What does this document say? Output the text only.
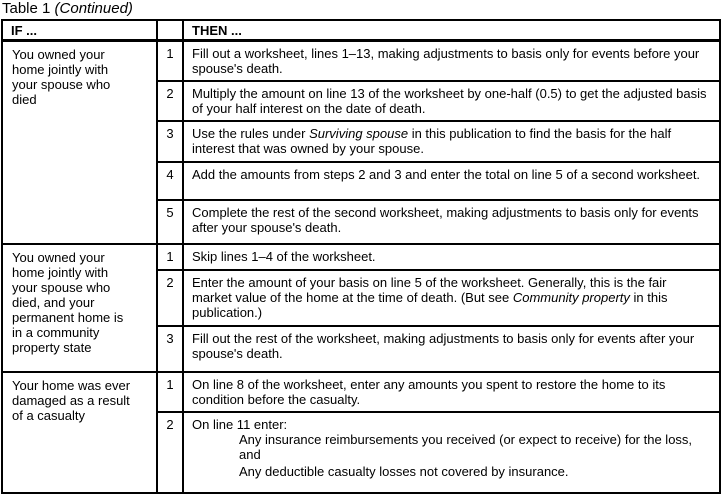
Table 1 (Continued)
IF ...		THEN ...
You owned your home jointly with your spouse who died	1	Fill out a worksheet, lines 1–13, making adjustments to basis only for events before your spouse's death.
	2	Multiply the amount on line 13 of the worksheet by one-half (0.5) to get the adjusted basis of your half interest on the date of death.
	3	Use the rules under Surviving spouse in this publication to find the basis for the half interest that was owned by your spouse.
	4	Add the amounts from steps 2 and 3 and enter the total on line 5 of a second worksheet.
	5	Complete the rest of the second worksheet, making adjustments to basis only for events after your spouse's death.
You owned your home jointly with your spouse who died, and your permanent home is in a community property state	1	Skip lines 1–4 of the worksheet.
	2	Enter the amount of your basis on line 5 of the worksheet. Generally, this is the fair market value of the home at the time of death. (But see Community property in this publication.)
	3	Fill out the rest of the worksheet, making adjustments to basis only for events after your spouse's death.
Your home was ever damaged as a result of a casualty	1	On line 8 of the worksheet, enter any amounts you spent to restore the home to its condition before the casualty.
	2	On line 11 enter:
Any insurance reimbursements you received (or expect to receive) for the loss, and
Any deductible casualty losses not covered by insurance.
